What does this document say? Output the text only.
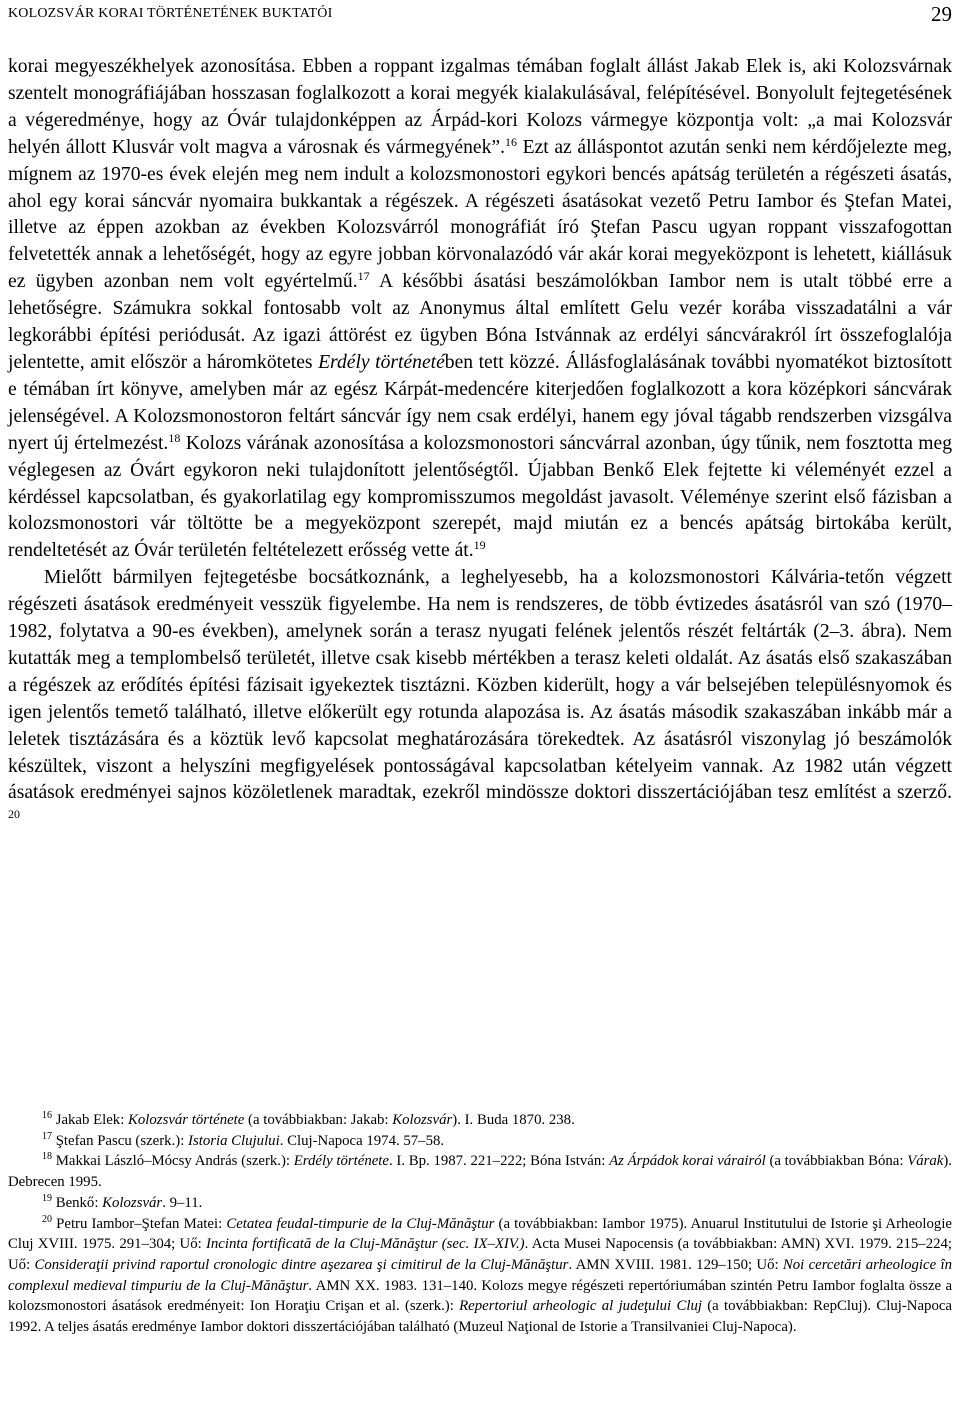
KOLOZSVÁR KORAI TÖRTÉNETÉNEK BUKTATÓI	29

korai megyeszékhelyek azonosítása. Ebben a roppant izgalmas témában foglalt állást Jakab Elek is, aki Kolozsvárnak szentelt monográfiájában hosszasan foglalkozott a korai megyék kialakulásával, felépítésével. Bonyolult fejtegetésének a végeredménye, hogy az Óvár tulajdonképpen az Árpád-kori Kolozs vármegye központja volt: „a mai Kolozsvár helyén állott Klusvár volt magva a városnak és vármegyének”.$^{16}$ Ezt az álláspontot azután senki nem kérdőjelezte meg, mígnem az 1970-es évek elején meg nem indult a kolozsmonostori egykori bencés apátság területén a régészeti ásatás, ahol egy korai sáncvár nyomaira bukkantak a régészek. A régészeti ásatásokat vezető Petru Iambor és Ştefan Matei, illetve az éppen azokban az években Kolozsvárról monográfiát író Ştefan Pascu ugyan roppant visszafogottan felvetették annak a lehetőségét, hogy az egyre jobban körvonalazódó vár akár korai megyeközpont is lehetett, kiállásuk ez ügyben azonban nem volt egyértelmű.$^{17}$ A későbbi ásatási beszámolókban Iambor nem is utalt többé erre a lehetőségre. Számukra sokkal fontosabb volt az Anonymus által említett Gelu vezér korába visszadatálni a vár legkorábbi építési periódusát. Az igazi áttörést ez ügyben Bóna Istvánnak az erdélyi sáncvárakról írt összefoglalója jelentette, amit először a háromkötetes Erdély történetében tett közzé. Állásfoglalásának további nyomatékot biztosított e témában írt könyve, amelyben már az egész Kárpát-medencére kiterjedően foglalkozott a kora középkori sáncvárak jelenségével. A Kolozsmonostoron feltárt sáncvár így nem csak erdélyi, hanem egy jóval tágabb rendszerben vizsgálva nyert új értelmezést.$^{18}$ Kolozs várának azonosítása a kolozsmonostori sáncvárral azonban, úgy tűnik, nem fosztotta meg véglegesen az Óvárt egykoron neki tulajdonított jelentőségtől. Újabban Benkő Elek fejtette ki véleményét ezzel a kérdéssel kapcsolatban, és gyakorlatilag egy kompromisszumos megoldást javasolt. Véleménye szerint első fázisban a kolozsmonostori vár töltötte be a megyeközpont szerepét, majd miután ez a bencés apátság birtokába került, rendeltetését az Óvár területén feltételezett erősség vette át.$^{19}$

Mielőtt bármilyen fejtegetésbe bocsátkoznánk, a leghelyesebb, ha a kolozsmonostori Kálvária-tetőn végzett régészeti ásatások eredményeit vesszük figyelembe. Ha nem is rendszeres, de több évtizedes ásatásról van szó (1970–1982, folytatva a 90-es években), amelynek során a terasz nyugati felének jelentős részét feltárták (2–3. ábra). Nem kutatták meg a templombelső területét, illetve csak kisebb mértékben a terasz keleti oldalát. Az ásatás első szakaszában a régészek az erődítés építési fázisait igyekeztek tisztázni. Közben kiderült, hogy a vár belsejében településnyomok és igen jelentős temető található, illetve előkerült egy rotunda alapozása is. Az ásatás második szakaszában inkább már a leletek tisztázására és a köztük levő kapcsolat meghatározására törekedtek. Az ásatásról viszonylag jó beszámolók készültek, viszont a helyszíni megfigyelések pontosságával kapcsolatban kételyeim vannak. Az 1982 után végzett ásatások eredményei sajnos közöletlenek maradtak, ezekről mindössze doktori disszertációjában tesz említést a szerző. $^{20}$

$^{16}$ Jakab Elek: Kolozsvár története (a továbbiakban: Jakab: Kolozsvár). I. Buda 1870. 238.

$^{17}$ Ştefan Pascu (szerk.): Istoria Clujului. Cluj-Napoca 1974. 57–58.

$^{18}$ Makkai László–Mócsy András (szerk.): Erdély története. I. Bp. 1987. 221–222; Bóna István: Az Árpádok korai várairól (a továbbiakban Bóna: Várak). Debrecen 1995.

$^{19}$ Benkő: Kolozsvár. 9–11.

$^{20}$ Petru Iambor–Ştefan Matei: Cetatea feudal-timpurie de la Cluj-Mănăştur (a továbbiakban: Iambor 1975). Anuarul Institutului de Istorie şi Arheologie Cluj XVIII. 1975. 291–304; Uő: Incinta fortificată de la Cluj-Mănăştur (sec. IX–XIV.). Acta Musei Napocensis (a továbbiakban: AMN) XVI. 1979. 215–224; Uő: Consideraţii privind raportul cronologic dintre aşezarea şi cimitirul de la Cluj-Mănăştur. AMN XVIII. 1981. 129–150; Uő: Noi cercetări arheologice în complexul medieval timpuriu de la Cluj-Mănăştur. AMN XX. 1983. 131–140. Kolozs megye régészeti repertóriumában szintén Petru Iambor foglalta össze a kolozsmonostori ásatások eredményeit: Ion Horaţiu Crişan et al. (szerk.): Repertoriul arheologic al judeţului Cluj (a továbbiakban: RepCluj). Cluj-Napoca 1992. A teljes ásatás eredménye Iambor doktori disszertációjában található (Muzeul Naţional de Istorie a Transilvaniei Cluj-Napoca).
